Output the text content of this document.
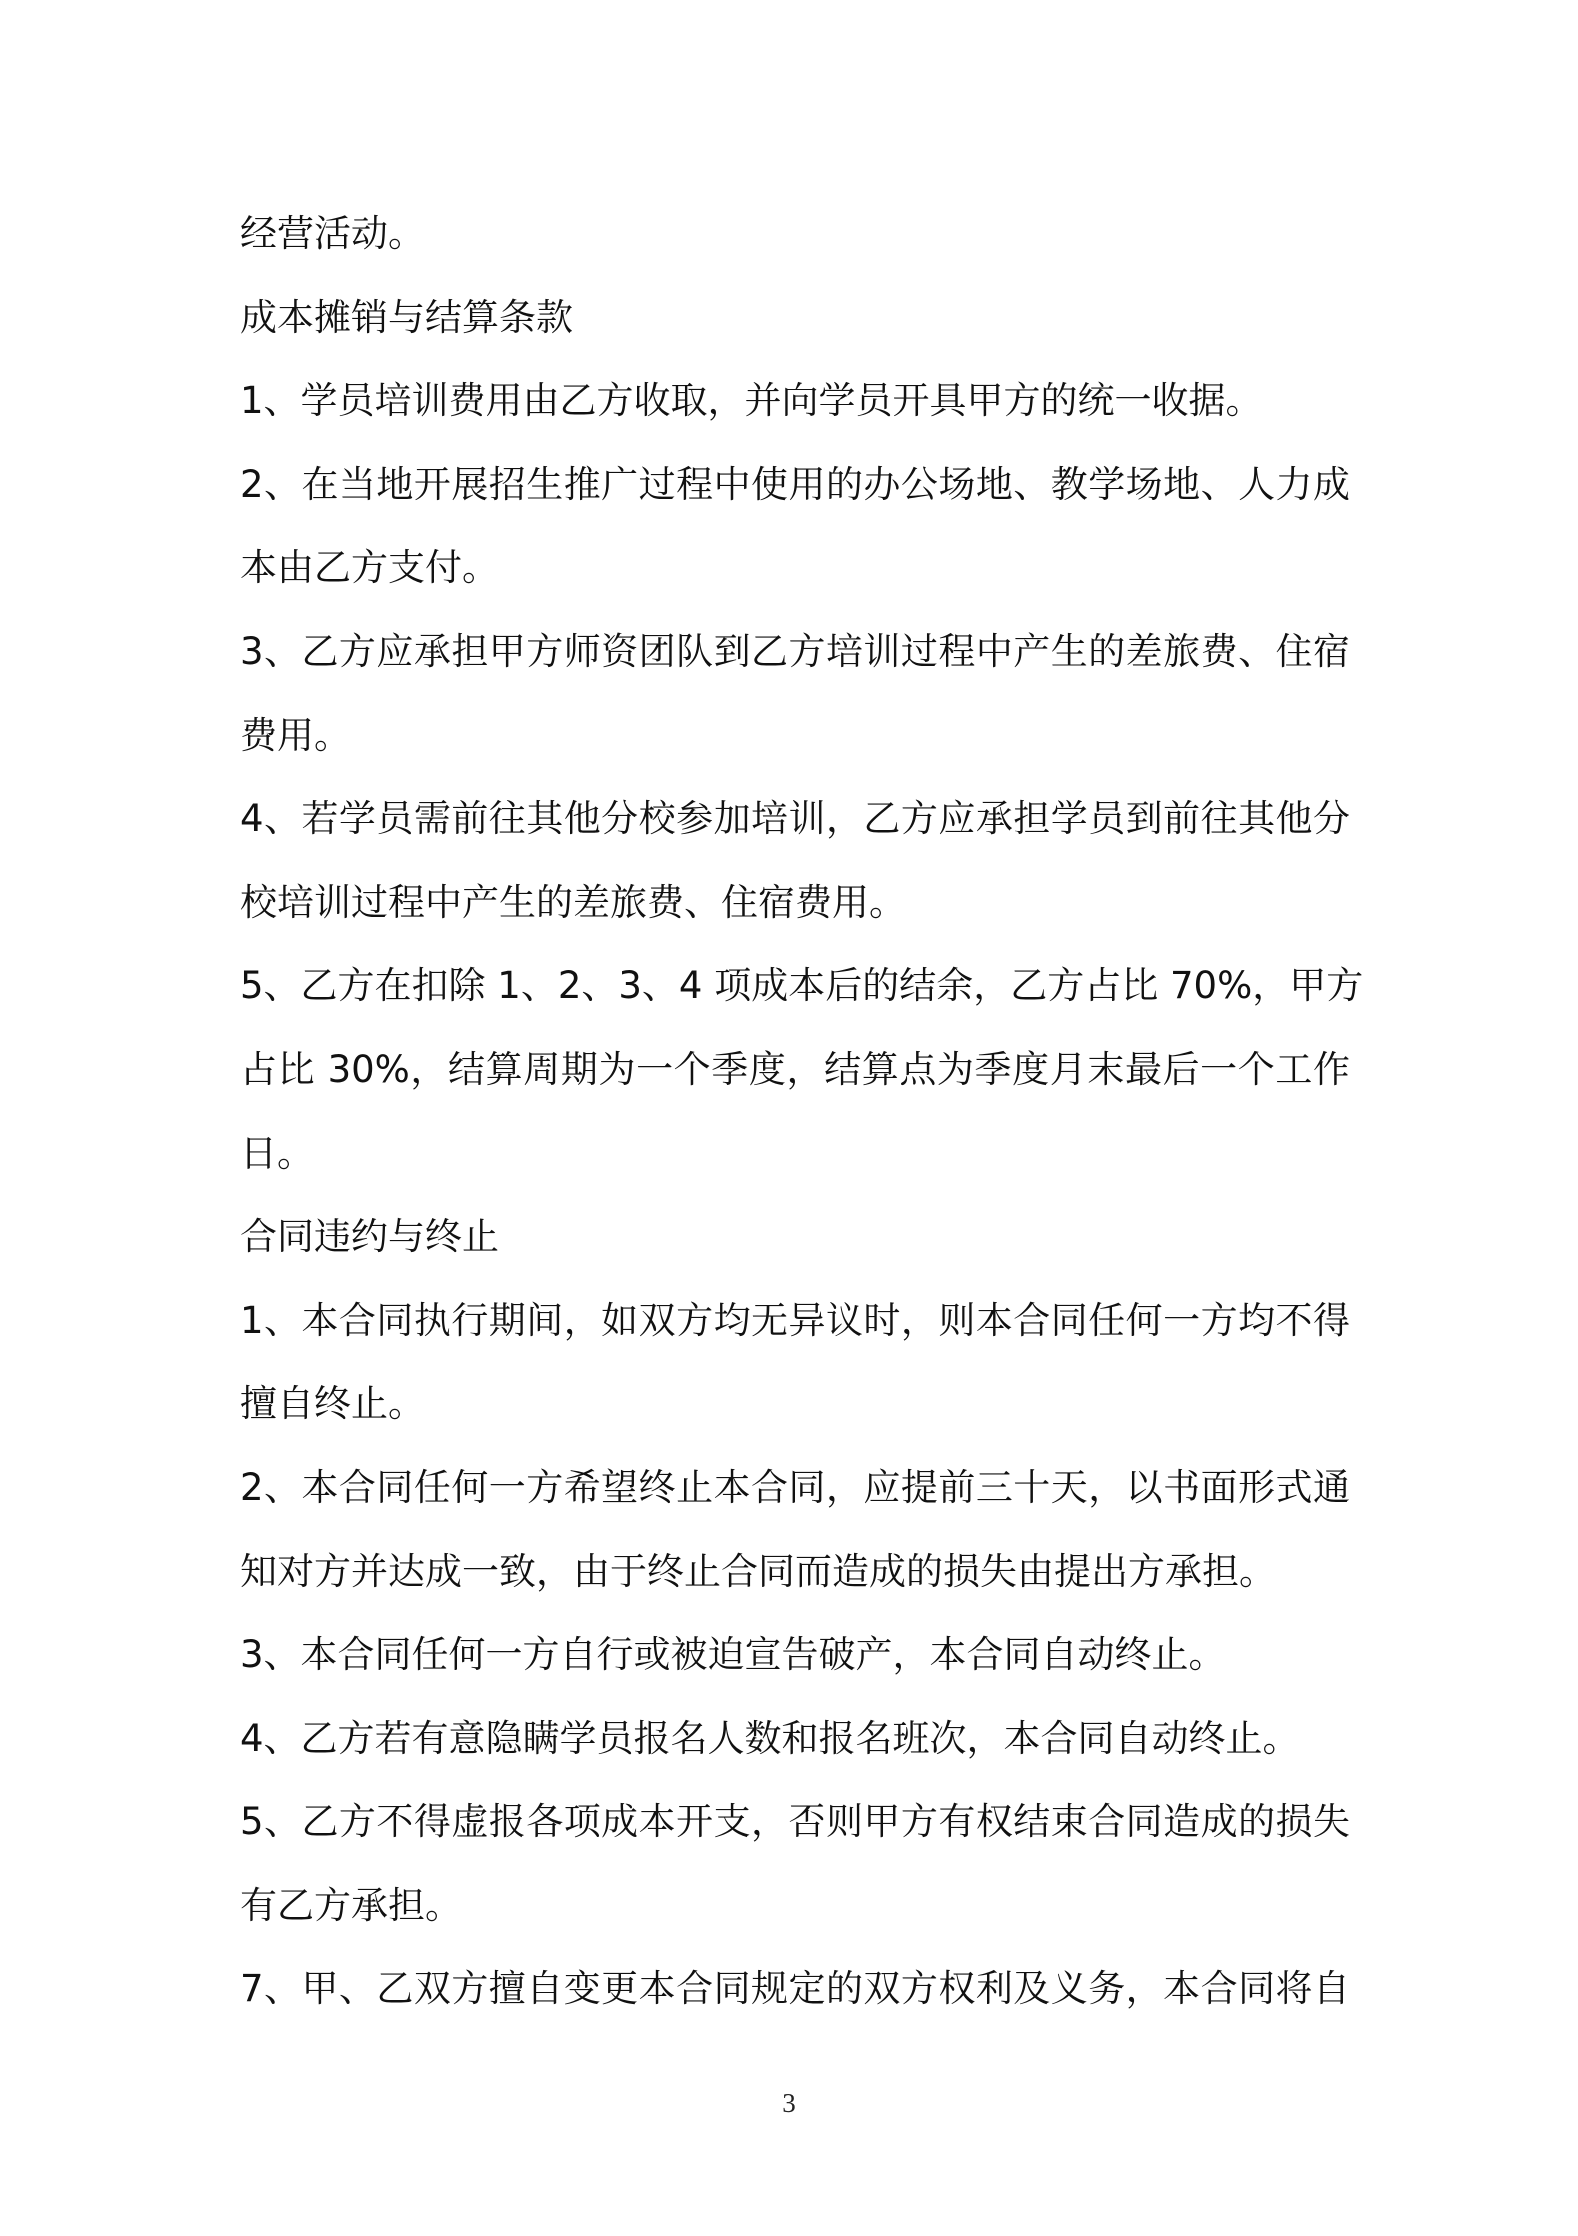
经营活动。
成本摊销与结算条款
1、学员培训费用由乙方收取，并向学员开具甲方的统一收据。
2、在当地开展招生推广过程中使用的办公场地、教学场地、人力成
本由乙方支付。
3、乙方应承担甲方师资团队到乙方培训过程中产生的差旅费、住宿
费用。
4、若学员需前往其他分校参加培训，乙方应承担学员到前往其他分
校培训过程中产生的差旅费、住宿费用。
5、乙方在扣除 1、2、3、4 项成本后的结余，乙方占比 70%，甲方
占比 30%，结算周期为一个季度，结算点为季度月末最后一个工作
日。
合同违约与终止
1、本合同执行期间，如双方均无异议时，则本合同任何一方均不得
擅自终止。
2、本合同任何一方希望终止本合同，应提前三十天，以书面形式通
知对方并达成一致，由于终止合同而造成的损失由提出方承担。
3、本合同任何一方自行或被迫宣告破产，本合同自动终止。
4、乙方若有意隐瞒学员报名人数和报名班次，本合同自动终止。
5、乙方不得虚报各项成本开支，否则甲方有权结束合同造成的损失
有乙方承担。
7、甲、乙双方擅自变更本合同规定的双方权利及义务，本合同将自
3
